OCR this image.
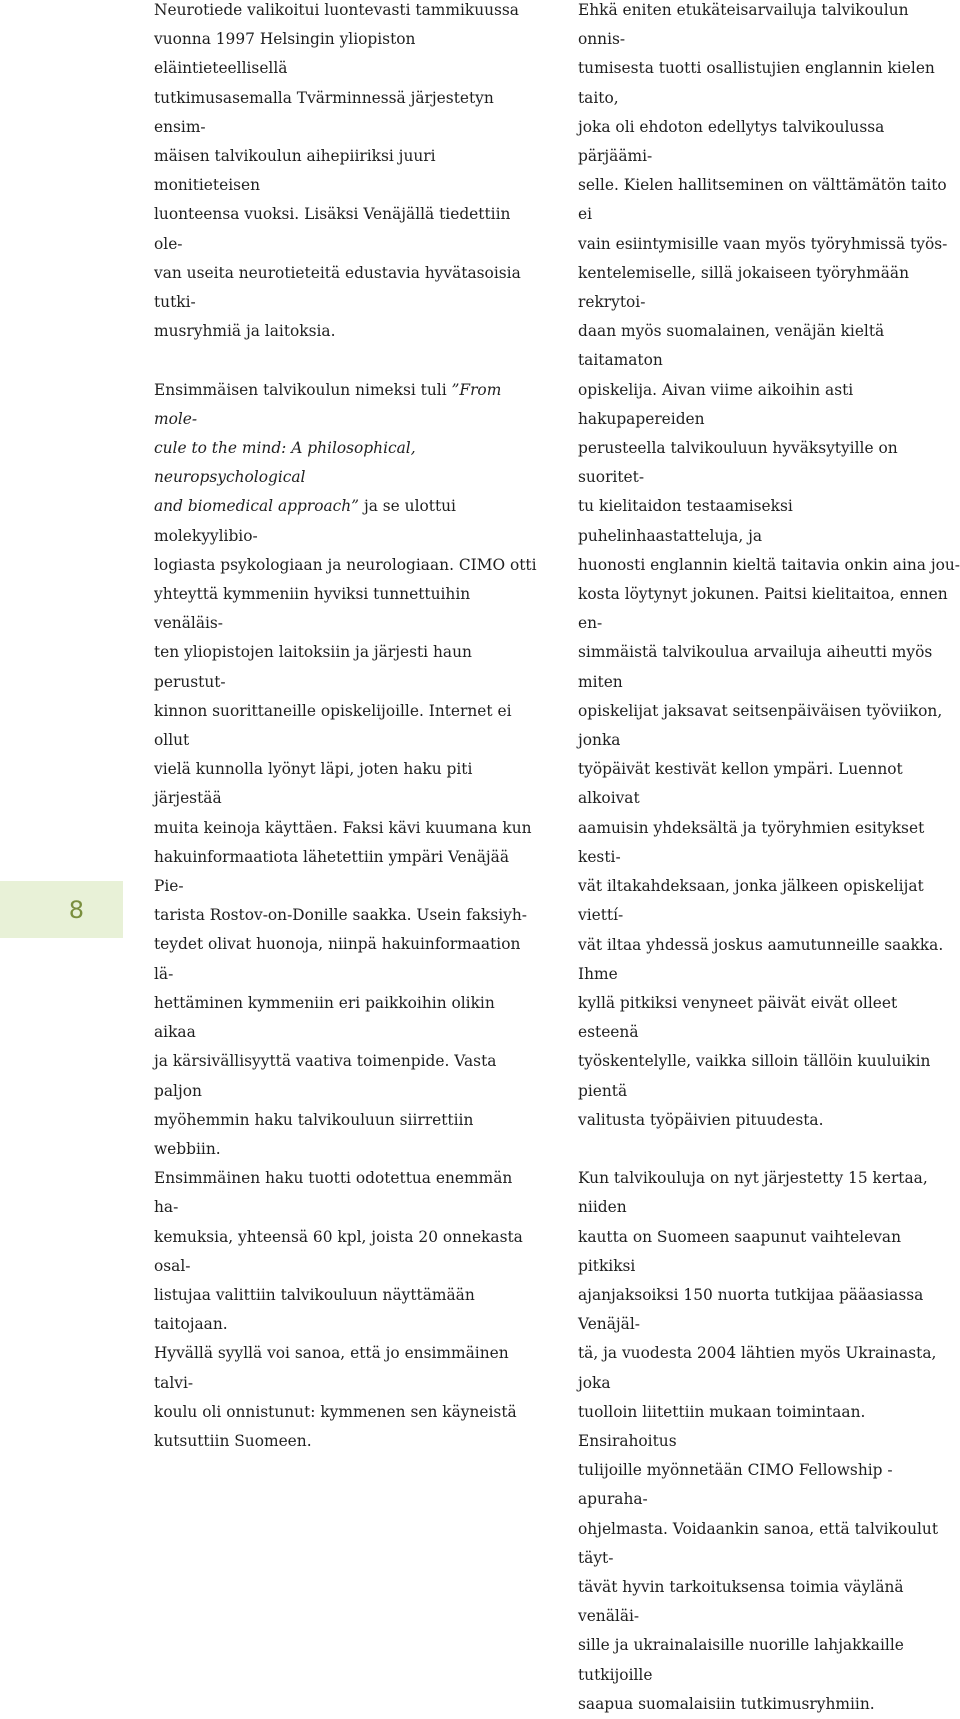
Neurotiede valikoitui luontevasti tammikuussa
vuonna 1997 Helsingin yliopiston eläintieteellisellä
tutkimusasemalla Tvärminnessä järjestetyn ensim-
mäisen talvikoulun aihepiiriksi juuri monitieteisen
luonteensa vuoksi. Lisäksi Venäjällä tiedettiin ole-
van useita neurotieteitä edustavia hyvätasoisia tutki-
musryhmiä ja laitoksia.
Ensimmäisen talvikoulun nimeksi tuli ”From mole-
cule to the mind: A philosophical, neuropsychological
and biomedical approach” ja se ulottui molekyylibio-
logiasta psykologiaan ja neurologiaan. CIMO otti
yhteyttä kymmeniin hyviksi tunnettuihin venäläis-
ten yliopistojen laitoksiin ja järjesti haun perustut-
kinnon suorittaneille opiskelijoille. Internet ei ollut
vielä kunnolla lyönyt läpi, joten haku piti järjestää
muita keinoja käyttäen. Faksi kävi kuumana kun
hakuinformaatiota lähetettiin ympäri Venäjää Pie-
tarista Rostov-on-Donille saakka. Usein faksiyh-
teydet olivat huonoja, niinpä hakuinformaation lä-
hettäminen kymmeniin eri paikkoihin olikin aikaa
ja kärsivällisyyttä vaativa toimenpide. Vasta paljon
myöhemmin haku talvikouluun siirrettiin webbiin.
Ensimmäinen haku tuotti odotettua enemmän ha-
kemuksia, yhteensä 60 kpl, joista 20 onnekasta osal-
listujaa valittiin talvikouluun näyttämään taitojaan.
Hyvällä syyllä voi sanoa, että jo ensimmäinen talvi-
koulu oli onnistunut: kymmenen sen käyneistä
kutsuttiin Suomeen.
Ehkä eniten etukäteisarvailuja talvikoulun onnis-
tumisesta tuotti osallistujien englannin kielen taito,
joka oli ehdoton edellytys talvikoulussa pärjäämi-
selle. Kielen hallitseminen on välttämätön taito ei
vain esiintymisille vaan myös työryhmissä työs-
kentelemiselle, sillä jokaiseen työryhmään rekrytoi-
daan myös suomalainen, venäjän kieltä taitamaton
opiskelija. Aivan viime aikoihin asti hakupapereiden
perusteella talvikouluun hyväksytyille on suoritet-
tu kielitaidon testaamiseksi puhelinhaastatteluja, ja
huonosti englannin kieltä taitavia onkin aina jou-
kosta löytynyt jokunen. Paitsi kielitaitoa, ennen en-
simmäistä talvikoulua arvailuja aiheutti myös miten
opiskelijat jaksavat seitsenpäiväisen työviikon, jonka
työpäivät kestivät kellon ympäri. Luennot alkoivat
aamuisin yhdeksältä ja työryhmien esitykset kesti-
vät iltakahdeksaan, jonka jälkeen opiskelijat viettí-
vät iltaa yhdessä joskus aamutunneille saakka. Ihme
kyllä pitkiksi venyneet päivät eivät olleet esteenä
työskentelylle, vaikka silloin tällöin kuuluikin pientä
valitusta työpäivien pituudesta.
Kun talvikouluja on nyt järjestetty 15 kertaa, niiden
kautta on Suomeen saapunut vaihtelevan pitkiksi
ajanjaksoiksi 150 nuorta tutkijaa pääasiassa Venäjäl-
tä, ja vuodesta 2004 lähtien myös Ukrainasta, joka
tuolloin liitettiin mukaan toimintaan. Ensirahoitus
tulijoille myönnetään CIMO Fellowship -apuraha-
ohjelmasta. Voidaankin sanoa, että talvikoulut täyt-
tävät hyvin tarkoituksensa toimia väylänä venäläi-
sille ja ukrainalaisille nuorille lahjakkaille tutkijoille
saapua suomalaisiin tutkimusryhmiin.
8
